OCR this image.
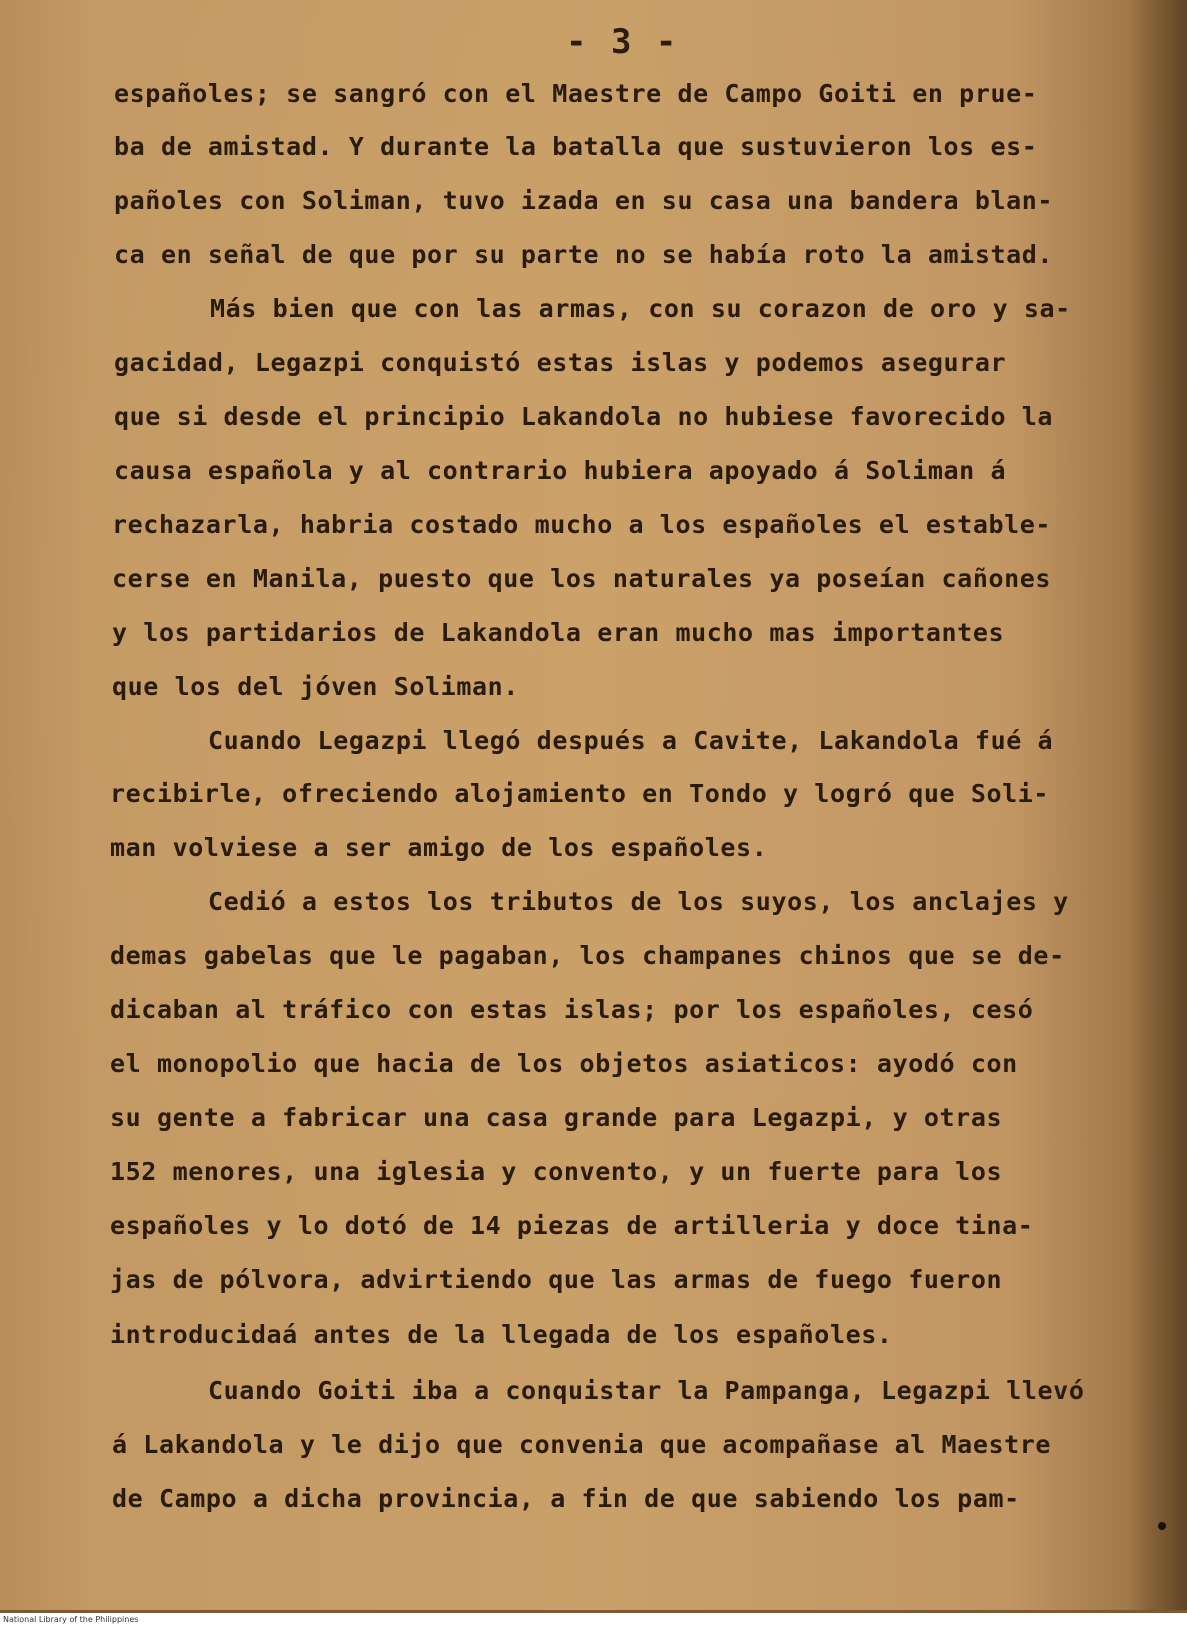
- 3 -
españoles; se sangró con el Maestre de Campo Goiti en prue-
ba de amistad. Y durante la batalla que sustuvieron los es-
pañoles con Soliman, tuvo izada en su casa una bandera blan-
ca en señal de que por su parte no se había roto la amistad.
Más bien que con las armas, con su corazon de oro y sa-
gacidad, Legazpi conquistó estas islas y podemos asegurar
que si desde el principio Lakandola no hubiese favorecido la
causa española y al contrario hubiera apoyado á Soliman á
rechazarla, habria costado mucho a los españoles el estable-
cerse en Manila, puesto que los naturales ya poseían cañones
y los partidarios de Lakandola eran mucho mas importantes
que los del jóven Soliman.
Cuando Legazpi llegó después a Cavite, Lakandola fué á
recibirle, ofreciendo alojamiento en Tondo y logró que Soli-
man volviese a ser amigo de los españoles.
Cedió a estos los tributos de los suyos, los anclajes y
demas gabelas que le pagaban, los champanes chinos que se de-
dicaban al tráfico con estas islas; por los españoles, cesó
el monopolio que hacia de los objetos asiaticos: ayodó con
su gente a fabricar una casa grande para Legazpi, y otras
152 menores, una iglesia y convento, y un fuerte para los
españoles y lo dotó de 14 piezas de artilleria y doce tina-
jas de pólvora, advirtiendo que las armas de fuego fueron
introducidaá antes de la llegada de los españoles.
Cuando Goiti iba a conquistar la Pampanga, Legazpi llevó
á Lakandola y le dijo que convenia que acompañase al Maestre
de Campo a dicha provincia, a fin de que sabiendo los pam-
National Library of the Philippines
